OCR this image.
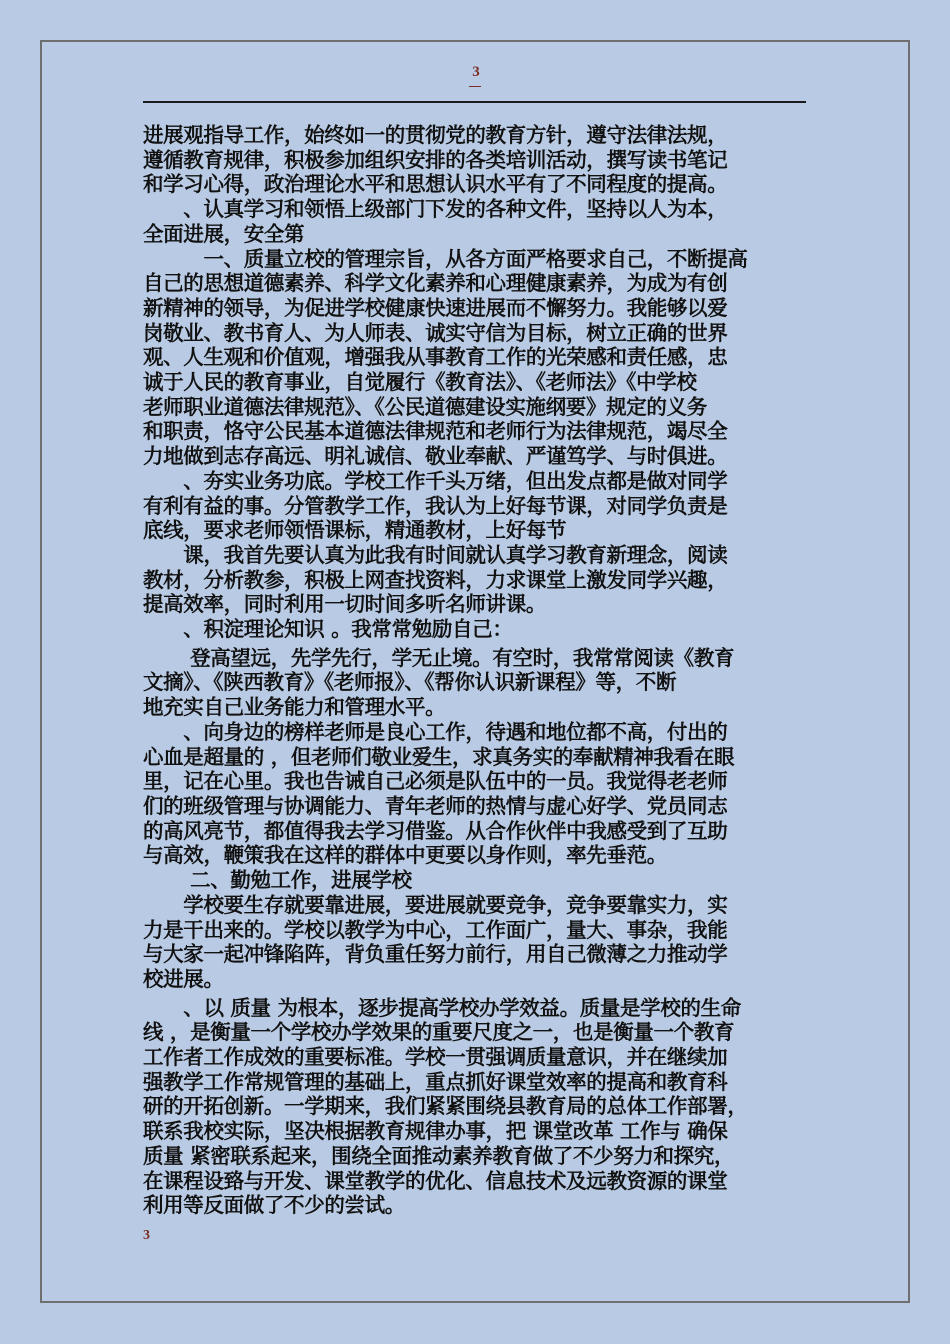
3

进展观指导工作，始终如一的贯彻党的教育方针，遵守法律法规，

遵循教育规律，积极参加组织安排的各类培训活动，撰写读书笔记

和学习心得，政治理论水平和思想认识水平有了不同程度的提高。

　　、认真学习和领悟上级部门下发的各种文件，坚持以人为本，

全面进展，安全第

　　　一、质量立校的管理宗旨，从各方面严格要求自己，不断提高

自己的思想道德素养、科学文化素养和心理健康素养，为成为有创

新精神的领导，为促进学校健康快速进展而不懈努力。我能够以爱

岗敬业、教书育人、为人师表、诚实守信为目标，树立正确的世界

观、人生观和价值观，增强我从事教育工作的光荣感和责任感，忠

诚于人民的教育事业，自觉履行《教育法》、《老师法》《中学校

老师职业道德法律规范》、《公民道德建设实施纲要》规定的义务

和职责，恪守公民基本道德法律规范和老师行为法律规范，竭尽全

力地做到志存高远、明礼诚信、敬业奉献、严谨笃学、与时俱进。

　　、夯实业务功底。学校工作千头万绪，但出发点都是做对同学

有利有益的事。分管教学工作，我认为上好每节课，对同学负责是

底线，要求老师领悟课标，精通教材，上好每节

　　课，我首先要认真为此我有时间就认真学习教育新理念，阅读

教材，分析教参，积极上网查找资料，力求课堂上激发同学兴趣，

提高效率，同时利用一切时间多听名师讲课。

　　、积淀理论知识 。我常常勉励自己：

　　 登高望远，先学先行，学无止境。有空时，我常常阅读《教育

文摘》、《陕西教育》《老师报》、《帮你认识新课程》等，不断

地充实自己业务能力和管理水平。

　　、向身边的榜样老师是良心工作，待遇和地位都不高，付出的

心血是超量的 ，但老师们敬业爱生，求真务实的奉献精神我看在眼

里，记在心里。我也告诫自己必须是队伍中的一员。我觉得老老师

们的班级管理与协调能力、青年老师的热情与虚心好学、党员同志

的高风亮节，都值得我去学习借鉴。从合作伙伴中我感受到了互助

与高效，鞭策我在这样的群体中更要以身作则，率先垂范。

　　 二、勤勉工作，进展学校

　　学校要生存就要靠进展，要进展就要竞争，竞争要靠实力，实

力是干出来的。学校以教学为中心，工作面广，量大、事杂，我能

与大家一起冲锋陷阵，背负重任努力前行，用自己微薄之力推动学

校进展。

　　、以 质量 为根本，逐步提高学校办学效益。质量是学校的生命

线 ，是衡量一个学校办学效果的重要尺度之一，也是衡量一个教育

工作者工作成效的重要标准。学校一贯强调质量意识，并在继续加

强教学工作常规管理的基础上，重点抓好课堂效率的提高和教育科

研的开拓创新。一学期来，我们紧紧围绕县教育局的总体工作部署，

联系我校实际，坚决根据教育规律办事，把 课堂改革 工作与 确保

质量 紧密联系起来，围绕全面推动素养教育做了不少努力和探究，

在课程设臵与开发、课堂教学的优化、信息技术及远教资源的课堂

利用等反面做了不少的尝试。

3
